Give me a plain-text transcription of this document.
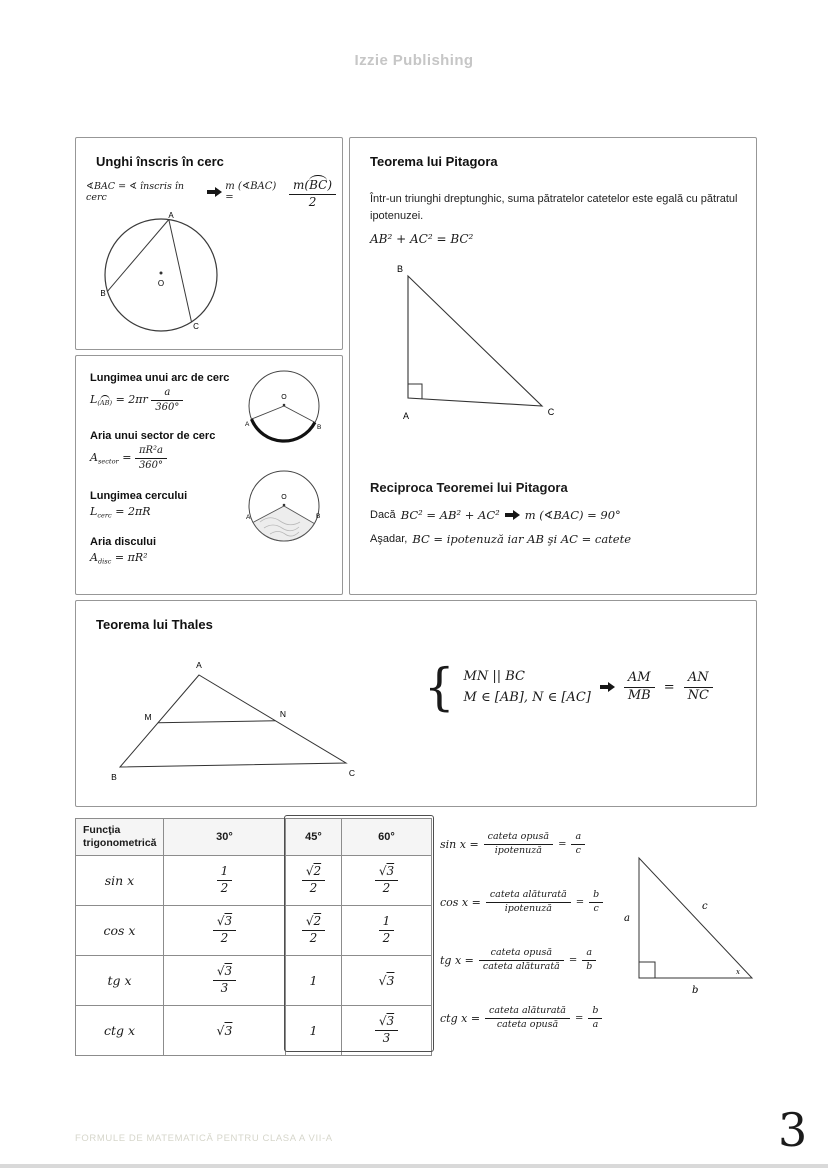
Izzie Publishing
Unghi înscris în cerc
∢BAC = ∢ înscris în cerc
m (∢BAC) =	$\frac{m(BC)}{2}$
A
B
C
O
Teorema lui Pitagora

Într-un triunghi dreptunghic, suma pătratelor catetelor este egală cu pătratul ipotenuzei.

AB² + AC² = BC²
B
A	C
Reciproca Teoremei lui Pitagora
Dacă BC² = AB² + AC² m (∢BAC) = 90°
Aşadar, BC = ipotenuză iar AB şi AC = catete
Lungimea unui arc de cerc
$L_{(AB)} = 2\pi r \frac{a}{360^\circ}$
Aria unui sector de cerc
$A_{sector} = \frac{\text{πR²a}}{360^\circ}$
Lungimea cercului
$L_{cerc} = 2\pi R$
Aria discului
$A_{disc} = \pi R^2$
O
A	B
O
A	B
Teorema lui Thales
A
B	C
M	N	{ MN || BC
M ∈ [AB], N ∈ [AC]	$\frac{AM}{MB} = \frac{AN}{NC}$
Funcţia trigonometrică	30°	45°	60°
sin x	$\frac{1}{2}$	$\frac{√2}{2}$	$\frac{√3}{2}$

cos x	$\frac{√3}{2}$	$\frac{√2}{2}$	$\frac{1}{2}$

tg x	$\frac{√3}{3}$	1	√3
ctg x	√3	1	$\frac{√3}{3}$
$\sin x = \frac{\text{cateta opusă}}{\text{ipotenuză}} = \frac{a}{c}$
$\cos x = \frac{\text{cateta alăturată}}{\text{ipotenuză}} = \frac{b}{c}$
tg $x = \frac{\text{cateta opusă}}{\text{cateta alăturată}} = \frac{a}{b}$
ctg $x = \frac{\text{cateta alăturată}}{\text{cateta opusă}} = \frac{b}{a}$
a
b
c
x
FORMULE DE MATEMATICĂ PENTRU CLASA A VII-A	3
